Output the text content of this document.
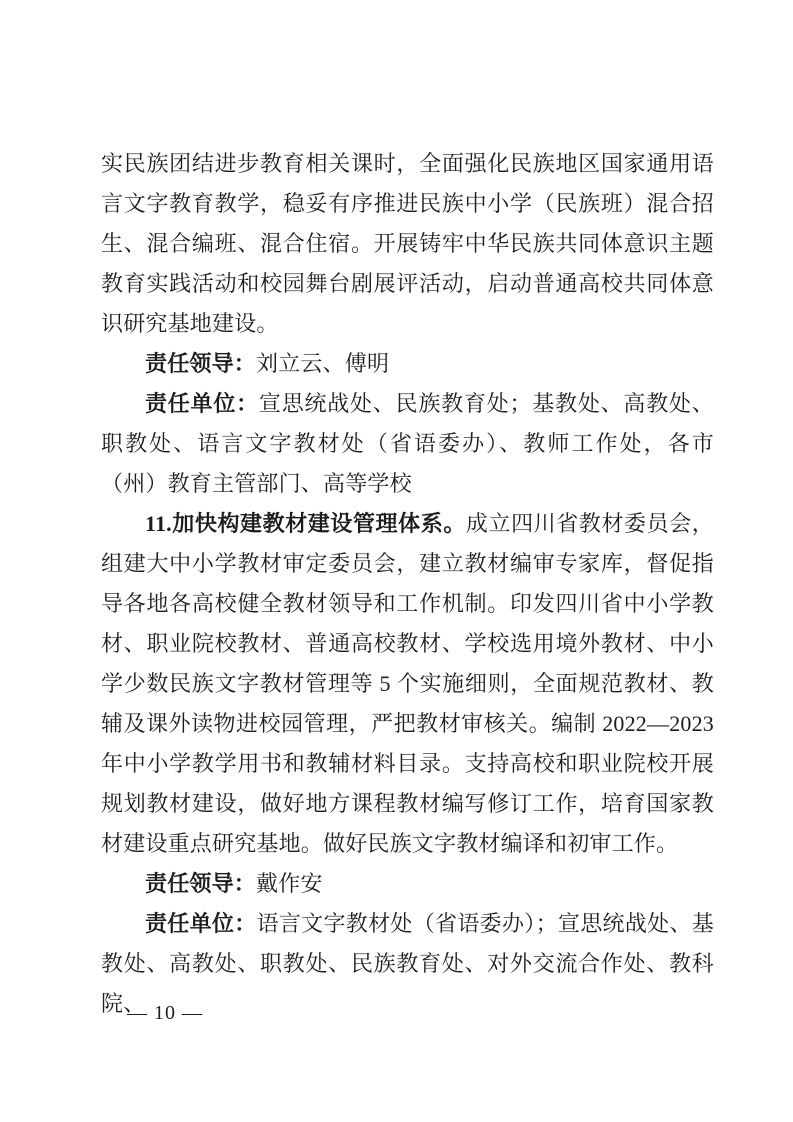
实民族团结进步教育相关课时，全面强化民族地区国家通用语言文字教育教学，稳妥有序推进民族中小学（民族班）混合招生、混合编班、混合住宿。开展铸牢中华民族共同体意识主题教育实践活动和校园舞台剧展评活动，启动普通高校共同体意识研究基地建设。

责任领导：刘立云、傅明

责任单位：宣思统战处、民族教育处；基教处、高教处、职教处、语言文字教材处（省语委办）、教师工作处，各市（州）教育主管部门、高等学校

11.加快构建教材建设管理体系。成立四川省教材委员会，组建大中小学教材审定委员会，建立教材编审专家库，督促指导各地各高校健全教材领导和工作机制。印发四川省中小学教材、职业院校教材、普通高校教材、学校选用境外教材、中小学少数民族文字教材管理等 5 个实施细则，全面规范教材、教辅及课外读物进校园管理，严把教材审核关。编制 2022—2023 年中小学教学用书和教辅材料目录。支持高校和职业院校开展规划教材建设，做好地方课程教材编写修订工作，培育国家教材建设重点研究基地。做好民族文字教材编译和初审工作。

责任领导：戴作安

责任单位：语言文字教材处（省语委办）；宣思统战处、基教处、高教处、职教处、民族教育处、对外交流合作处、教科院、

— 10 —
